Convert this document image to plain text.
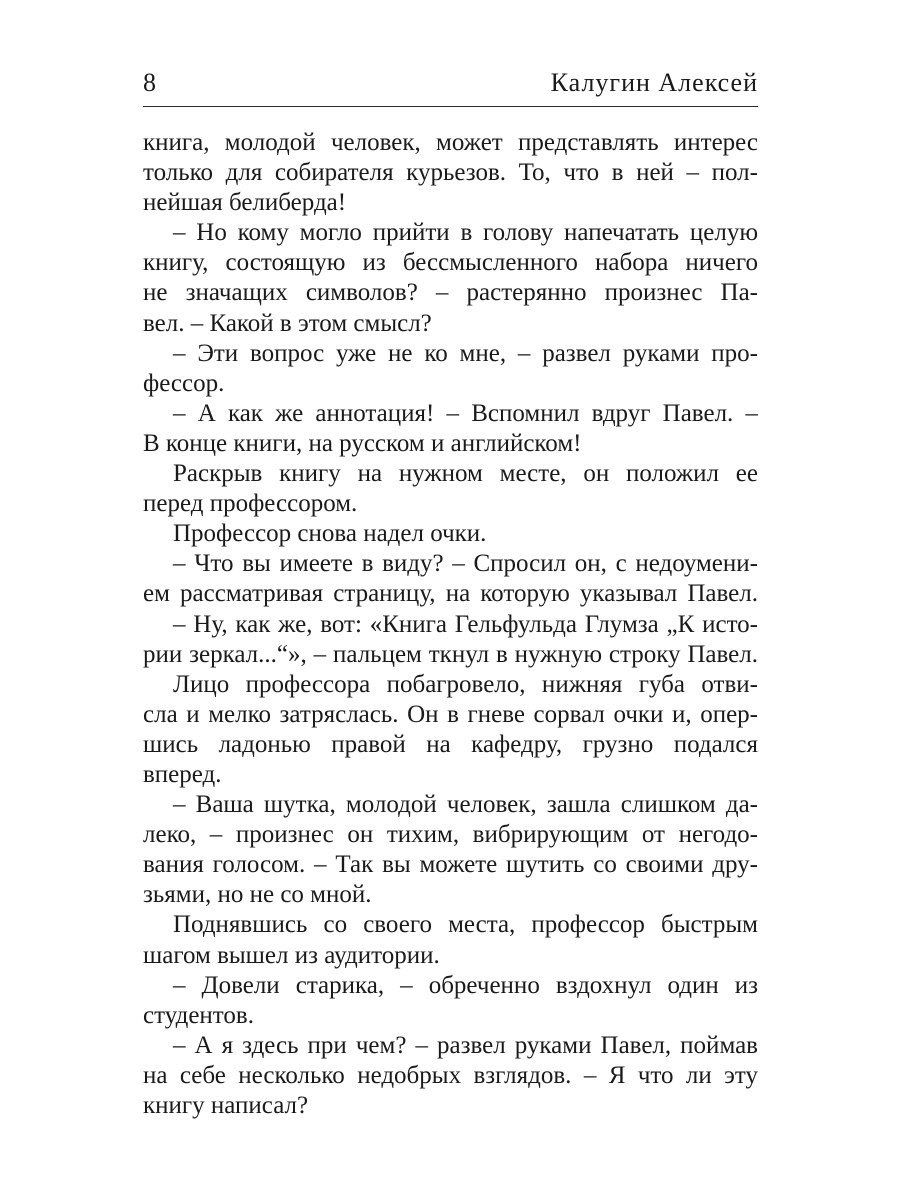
8	Калугин Алексей
книга, молодой человек, может представлять интерес
только для собирателя курьезов. То, что в ней – пол-
нейшая белиберда!
– Но кому могло прийти в голову напечатать целую
книгу, состоящую из бессмысленного набора ничего
не значащих символов? – растерянно произнес Па-
вел. – Какой в этом смысл?
– Эти вопрос уже не ко мне, – развел руками про-
фессор.
– А как же аннотация! – Вспомнил вдруг Павел. –
В конце книги, на русском и английском!
Раскрыв книгу на нужном месте, он положил ее
перед профессором.
Профессор снова надел очки.
– Что вы имеете в виду? – Спросил он, с недоумени-
ем рассматривая страницу, на которую указывал Павел.
– Ну, как же, вот: «Книга Гельфульда Глумза „К исто-
рии зеркал...“», – пальцем ткнул в нужную строку Павел.
Лицо профессора побагровело, нижняя губа отви-
сла и мелко затряслась. Он в гневе сорвал очки и, опер-
шись ладонью правой на кафедру, грузно подался
вперед.
– Ваша шутка, молодой человек, зашла слишком да-
леко, – произнес он тихим, вибрирующим от негодо-
вания голосом. – Так вы можете шутить со своими дру-
зьями, но не со мной.
Поднявшись со своего места, профессор быстрым
шагом вышел из аудитории.
– Довели старика, – обреченно вздохнул один из
студентов.
– А я здесь при чем? – развел руками Павел, поймав
на себе несколько недобрых взглядов. – Я что ли эту
книгу написал?
